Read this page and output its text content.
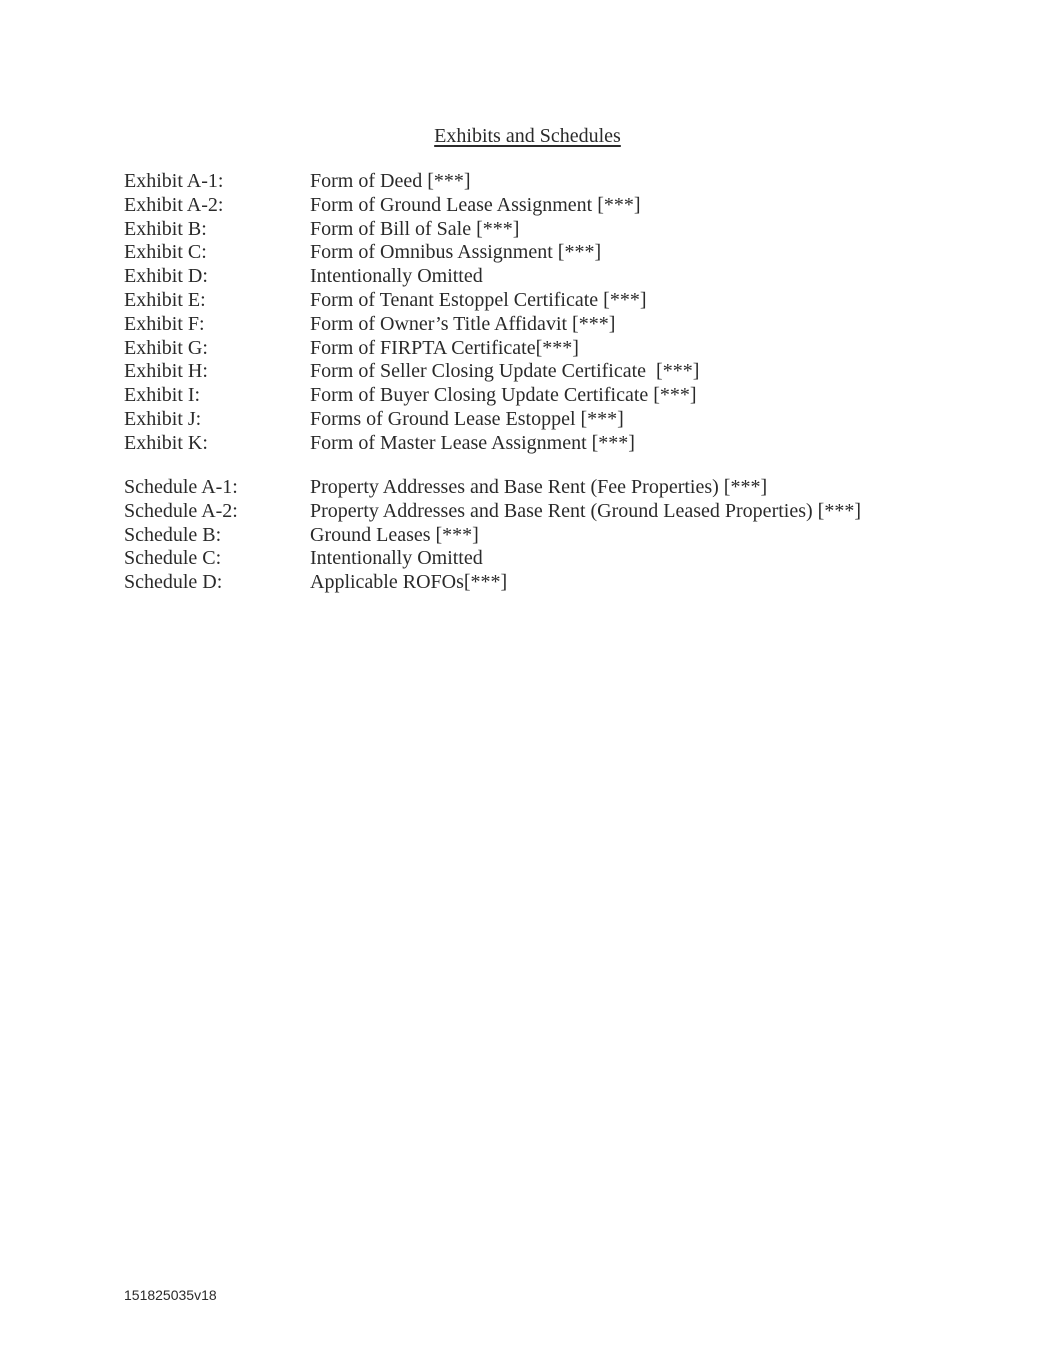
Exhibits and Schedules
Exhibit A-1:	Form of Deed [***]
Exhibit A-2:	Form of Ground Lease Assignment [***]
Exhibit B:	Form of Bill of Sale [***]
Exhibit C:	Form of Omnibus Assignment [***]
Exhibit D:	Intentionally Omitted
Exhibit E:	Form of Tenant Estoppel Certificate [***]
Exhibit F:	Form of Owner’s Title Affidavit [***]
Exhibit G:	Form of FIRPTA Certificate[***]
Exhibit H:	Form of Seller Closing Update Certificate  [***]
Exhibit I:	Form of Buyer Closing Update Certificate [***]
Exhibit J:	Forms of Ground Lease Estoppel [***]
Exhibit K:	Form of Master Lease Assignment [***]
Schedule A-1:	Property Addresses and Base Rent (Fee Properties) [***]
Schedule A-2:	Property Addresses and Base Rent (Ground Leased Properties) [***]
Schedule B:	Ground Leases [***]
Schedule C:	Intentionally Omitted
Schedule D:	Applicable ROFOs[***]
151825035v18
